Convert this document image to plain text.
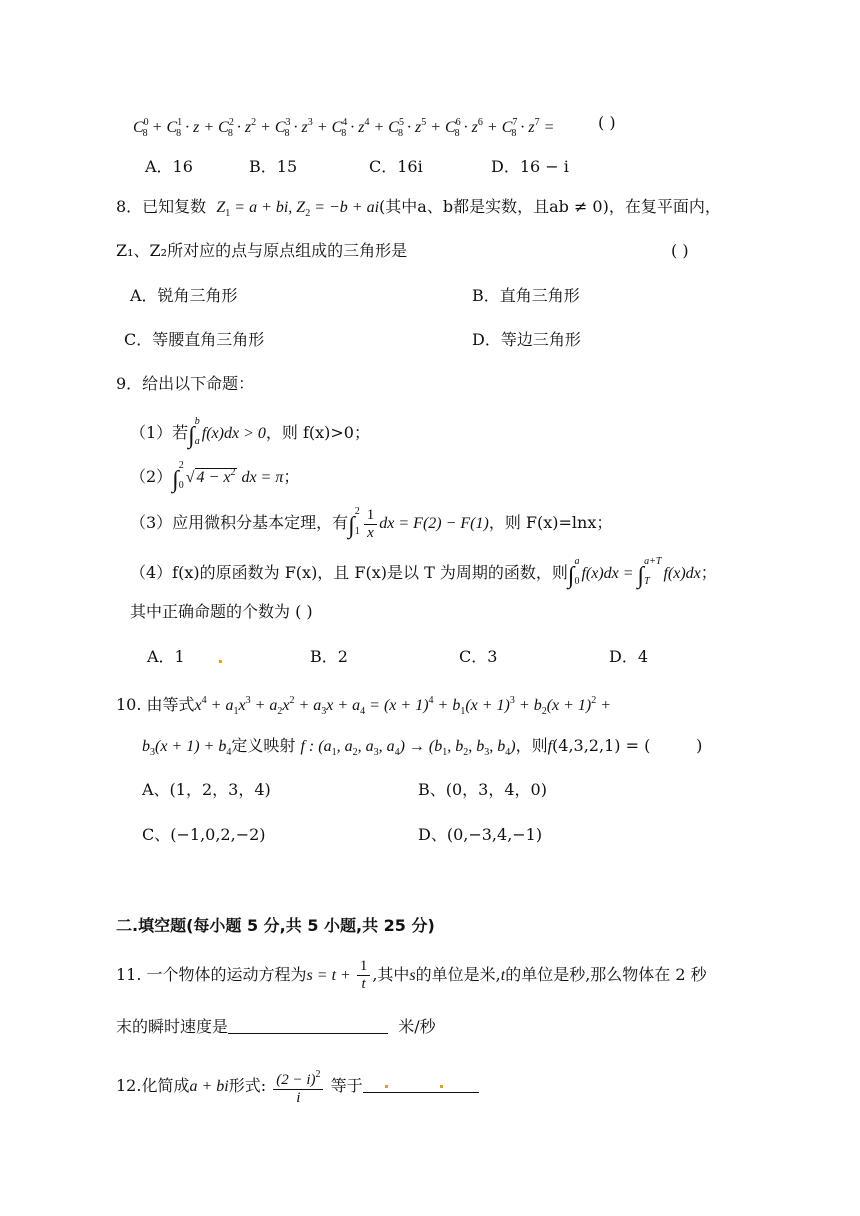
$C^0_8 + C^1_8 \cdot z + C^2_8 \cdot z^2 + C^3_8 \cdot z^3 + C^4_8 \cdot z^4 + C^5_8 \cdot z^5 + C^6_8 \cdot z^6 + C^7_8 \cdot z^7$ =	( )
A．16	B．15	C．16i	D．16 − i
8．已知复数 $Z_1 = a$ + bi, $Z_2 = -b + ai$(其中a、b都是实数，且ab ≠ 0)，在复平面内，
Z₁、Z₂所对应的点与原点组成的三角形是	( )
A．锐角三角形	B．直角三角形
C．等腰直角三角形	D．等边三角形
9．给出以下命题：
（1）若∫b

a f(x)dx > 0，则 f(x)>0；
（2）∫2

0 √ $4 - x^2$ dx = π；
（3）应用微积分基本定理，有∫2

$1 \frac{1}{x}$ dx = F(2) − F(1)，则 F(x)=lnx；
（4）f(x)的原函数为 F(x)，且 F(x)是以 T 为周期的函数，则∫a

0 f(x)dx = ∫a+T

T f(x)dx；
其中正确命题的个数为 ( )
A．1	B．2	C．3	D．4
10. 由等式$x^4 + a_1x^3 + a_2x^2 + a_3x + a_4 = (x + 1)^4 + b_1(x + 1)^3 + b_2(x + 1)^2$ +
$b_3(x + 1) + b_4$定义映射 f : ($a_1$, $a_2$, $a_3$, $a_4) \to (b_1$, $b_2$, $b_3$, $b_4$)，则f(4,3,2,1) = (         )
A、(1，2，3，4)	B、(0，3，4，0)
C、(−1,0,2,−2)	D、(0,−3,4,−1)
二.填空题(每小题 5 分,共 5 小题,共 25 分)
11. 一个物体的运动方程为$s = t + \frac{1}{t}$ ,其中s的单位是米,t的单位是秒,那么物体在 2 秒
末的瞬时速度是	米/秒
12.化简成a + bi形式: $\frac{(2 - i)^2}{i}$ 等于
